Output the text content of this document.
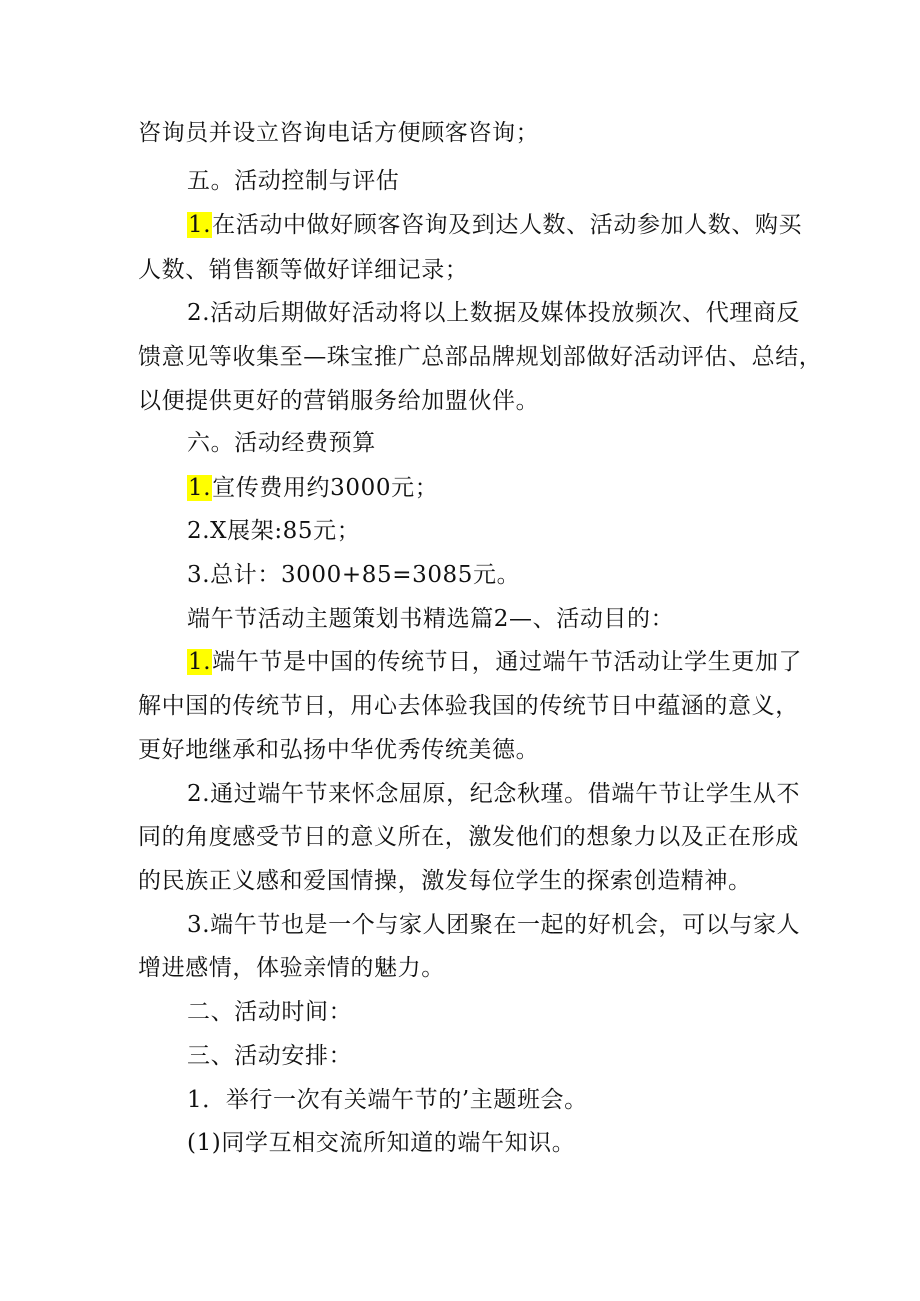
咨询员并设立咨询电话方便顾客咨询；
五。活动控制与评估
1.在活动中做好顾客咨询及到达人数、活动参加人数、购买
人数、销售额等做好详细记录；
2.活动后期做好活动将以上数据及媒体投放频次、代理商反
馈意见等收集至—珠宝推广总部品牌规划部做好活动评估、总结，
以便提供更好的营销服务给加盟伙伴。
六。活动经费预算
1.宣传费用约3000元；
2.X展架:85元；
3.总计：3000+85=3085元。
端午节活动主题策划书精选篇2—、活动目的：
1.端午节是中国的传统节日，通过端午节活动让学生更加了
解中国的传统节日，用心去体验我国的传统节日中蕴涵的意义，
更好地继承和弘扬中华优秀传统美德。
2.通过端午节来怀念屈原，纪念秋瑾。借端午节让学生从不
同的角度感受节日的意义所在，激发他们的想象力以及正在形成
的民族正义感和爱国情操，激发每位学生的探索创造精神。
3.端午节也是一个与家人团聚在一起的好机会，可以与家人
增进感情，体验亲情的魅力。
二、活动时间：
三、活动安排：
1．举行一次有关端午节的’主题班会。
(1)同学互相交流所知道的端午知识。
